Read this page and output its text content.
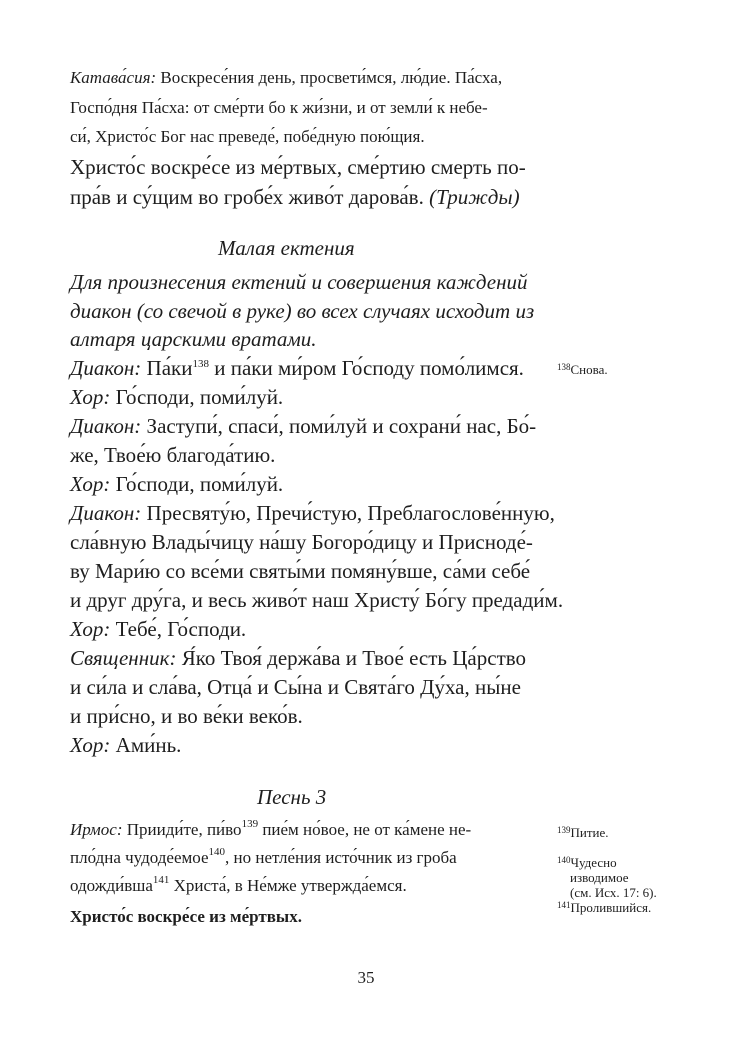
Катава́сия: Воскресе́ния день, просвети́мся, лю́дие. Па́сха,
Госпо́дня Па́сха: от сме́рти бо к жи́зни, и от земли́ к небе-
си́, Христо́с Бог нас преведе́, побе́дную пою́щия.
Христо́с воскре́се из ме́ртвых, сме́ртию смерть по-
пра́в и су́щим во гробе́х живо́т дарова́в. (Трижды)
Малая ектения
Для произнесения ектений и совершения каждений
диакон (со свечой в руке) во всех случаях исходит из
алтаря царскими вратами.
Диакон: $Па́ки^{138}$ и па́ки ми́ром Го́споду помо́лимся.
Хор: Го́споди, поми́луй.
Диакон: Заступи́, спаси́, поми́луй и сохрани́ нас, Бо́-
же, Твое́ю благода́тию.
Хор: Го́споди, поми́луй.
Диакон: Пресвяту́ю, Пречи́стую, Преблагослове́нную,
сла́вную Влады́чицу на́шу Богоро́дицу и Присноде́-
ву Мари́ю со все́ми святы́ми помяну́вше, са́ми себе́
и друг дру́га, и весь живо́т наш Христу́ Бо́гу предади́м.
Хор: Тебе́, Го́споди.
Священник: Я́ко Твоя́ держа́ва и Твое́ есть Ца́рство
и си́ла и сла́ва, Отца́ и Сы́на и Свята́го Ду́ха, ны́не
и при́сно, и во ве́ки веко́в.
Хор: Ами́нь.
Песнь 3
Ирмос: Прииди́те, $пи́во^{139}$ пие́м но́вое, не от ка́мене не-
пло́дна чудоде́емое$^{140}$, но нетле́ния исто́чник из гроба
одожди́вша$^{141}$ Христа́, в Не́мже утвержда́емся.
Христо́с воскре́се из ме́ртвых.
$^{138}$Снова.
$^{139}$Питие.
$^{140}$Чудесно
изводимое
(см. Исх. 17: 6).
$^{141}$Пролившийся.
35
